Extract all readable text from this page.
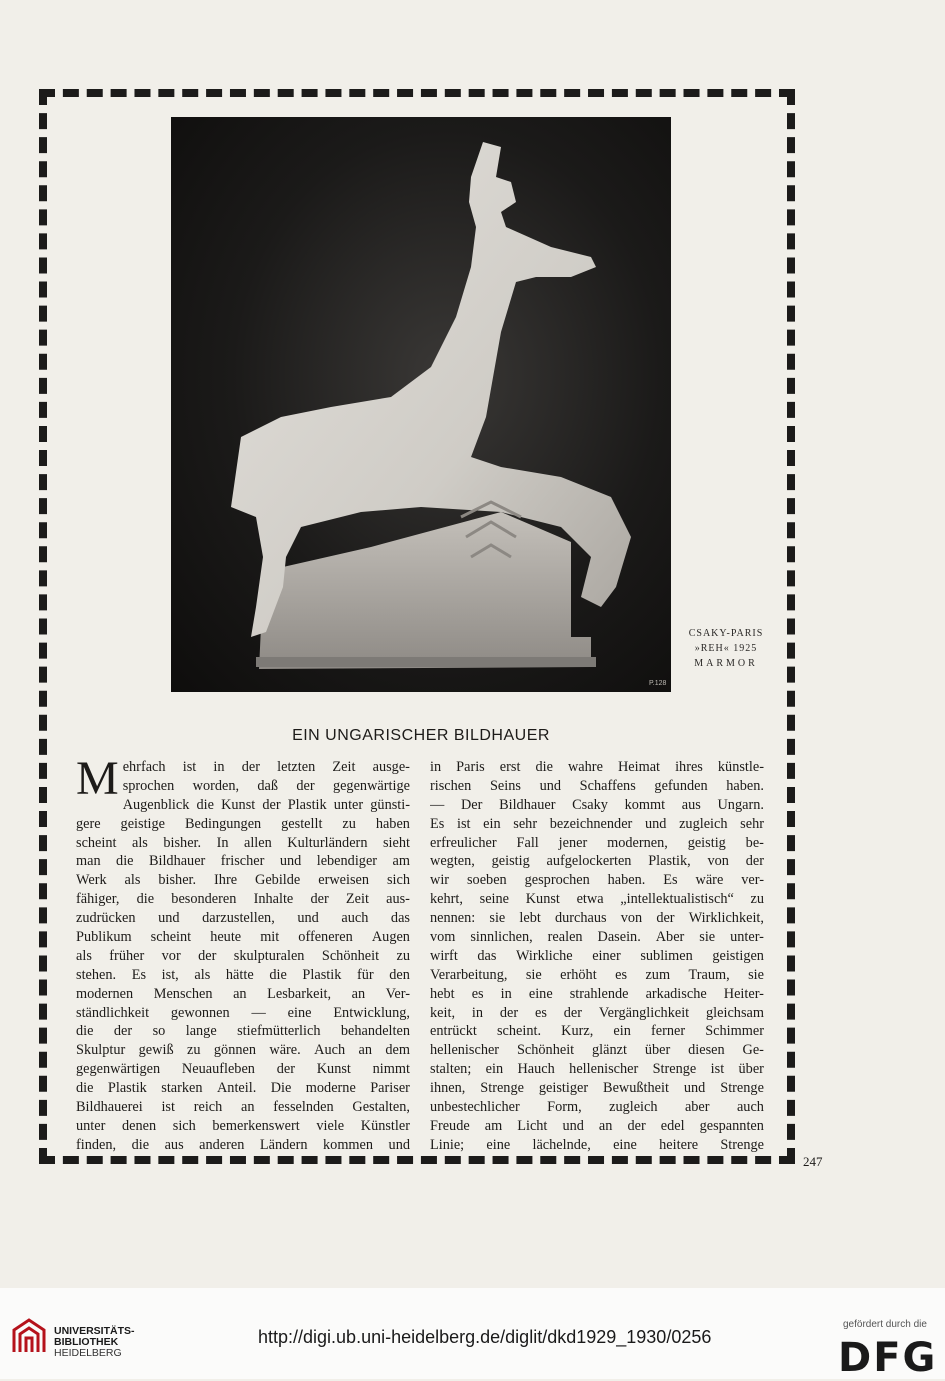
P.128
CSAKY-PARIS
»REH« 1925
MARMOR
EIN UNGARISCHER BILDHAUER
M ehrfach ist in der letzten Zeit ausge-
sprochen worden, daß der gegenwärtige
Augenblick die Kunst der Plastik unter günsti-
gere geistige Bedingungen gestellt zu haben
scheint als bisher. In allen Kulturländern sieht
man die Bildhauer frischer und lebendiger am
Werk als bisher. Ihre Gebilde erweisen sich
fähiger, die besonderen Inhalte der Zeit aus-
zudrücken und darzustellen, und auch das
Publikum scheint heute mit offeneren Augen
als früher vor der skulpturalen Schönheit zu
stehen. Es ist, als hätte die Plastik für den
modernen Menschen an Lesbarkeit, an Ver-
ständlichkeit gewonnen — eine Entwicklung,
die der so lange stiefmütterlich behandelten
Skulptur gewiß zu gönnen wäre. Auch an dem
gegenwärtigen Neuaufleben der Kunst nimmt
die Plastik starken Anteil. Die moderne Pariser
Bildhauerei ist reich an fesselnden Gestalten,
unter denen sich bemerkenswert viele Künstler
finden, die aus anderen Ländern kommen und
in Paris erst die wahre Heimat ihres künstle-
rischen Seins und Schaffens gefunden haben.
— Der Bildhauer Csaky kommt aus Ungarn.
Es ist ein sehr bezeichnender und zugleich sehr
erfreulicher Fall jener modernen, geistig be-
wegten, geistig aufgelockerten Plastik, von der
wir soeben gesprochen haben. Es wäre ver-
kehrt, seine Kunst etwa „intellektualistisch“ zu
nennen: sie lebt durchaus von der Wirklichkeit,
vom sinnlichen, realen Dasein. Aber sie unter-
wirft das Wirkliche einer sublimen geistigen
Verarbeitung, sie erhöht es zum Traum, sie
hebt es in eine strahlende arkadische Heiter-
keit, in der es der Vergänglichkeit gleichsam
entrückt scheint. Kurz, ein ferner Schimmer
hellenischer Schönheit glänzt über diesen Ge-
stalten; ein Hauch hellenischer Strenge ist über
ihnen, Strenge geistiger Bewußtheit und Strenge
unbestechlicher Form, zugleich aber auch
Freude am Licht und an der edel gespannten
Linie; eine lächelnde, eine heitere Strenge
247
UNIVERSITÄTS-
BIBLIOTHEK
HEIDELBERG
http://digi.ub.uni-heidelberg.de/diglit/dkd1929_1930/0256
gefördert durch die
DFG
